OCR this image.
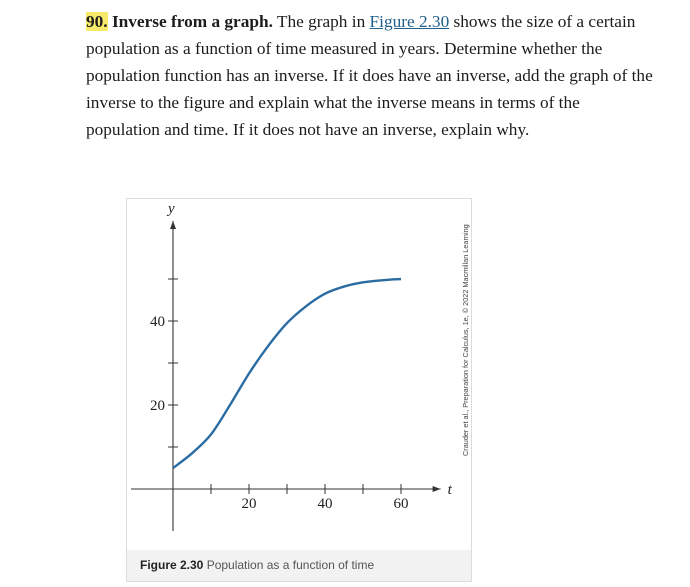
90. Inverse from a graph. The graph in Figure 2.30 shows the size of a certain population as a function of time measured in years. Determine whether the population function has an inverse. If it does have an inverse, add the graph of the inverse to the figure and explain what the inverse means in terms of the population and time. If it does not have an inverse, explain why.
t
y
20	40	60
20
40
Figure 2.30 Population as a function of time
Crauder et al., Preparation for Calculus, 1e, © 2022 Macmillan Learning
